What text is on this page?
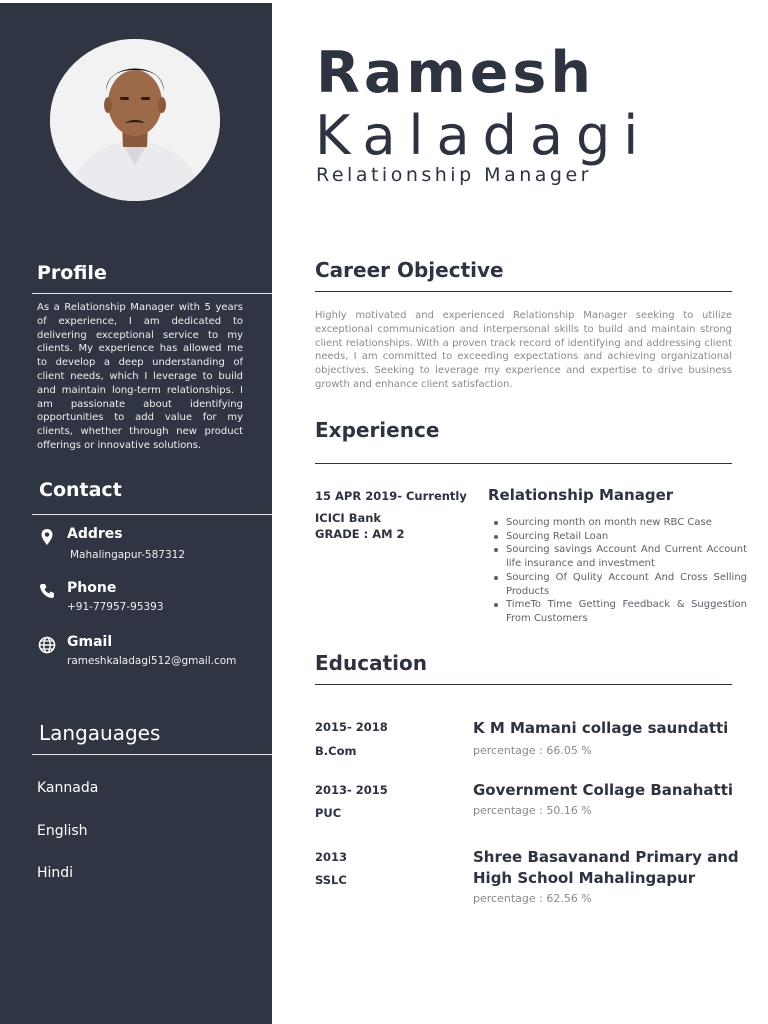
Profile

As a Relationship Manager with 5 years of experience, I am dedicated to delivering exceptional service to my clients. My experience has allowed me to develop a deep understanding of client needs, which I leverage to build and maintain long-term relationships. I am passionate about identifying opportunities to add value for my clients, whether through new product offerings or innovative solutions.

Contact
Addres
Mahalingapur-587312
Phone
+91-77957-95393
Gmail
rameshkaladagi512@gmail.com
Langauages
Kannada
English
Hindi
Ramesh
Kaladagi
Relationship Manager
Career Objective

Highly motivated and experienced Relationship Manager seeking to utilize exceptional communication and interpersonal skills to build and maintain strong client relationships. With a proven track record of identifying and addressing client needs, I am committed to exceeding expectations and achieving organizational objectives. Seeking to leverage my experience and expertise to drive business growth and enhance client satisfaction.

Experience
15 APR 2019- Currently
ICICI Bank
GRADE : AM 2
Relationship Manager
Sourcing month on month new RBC Case
Sourcing Retail Loan
Sourcing savings Account And Current Account life insurance and investment
Sourcing Of Qulity Account And Cross Selling Products
TimeTo Time Getting Feedback & Suggestion From Customers
Education
2015- 2018
B.Com
K M Mamani collage saundatti
percentage : 66.05 %
2013- 2015
PUC
Government Collage Banahatti
percentage : 50.16 %
2013
SSLC
Shree Basavanand Primary and High School Mahalingapur
percentage : 62.56 %
